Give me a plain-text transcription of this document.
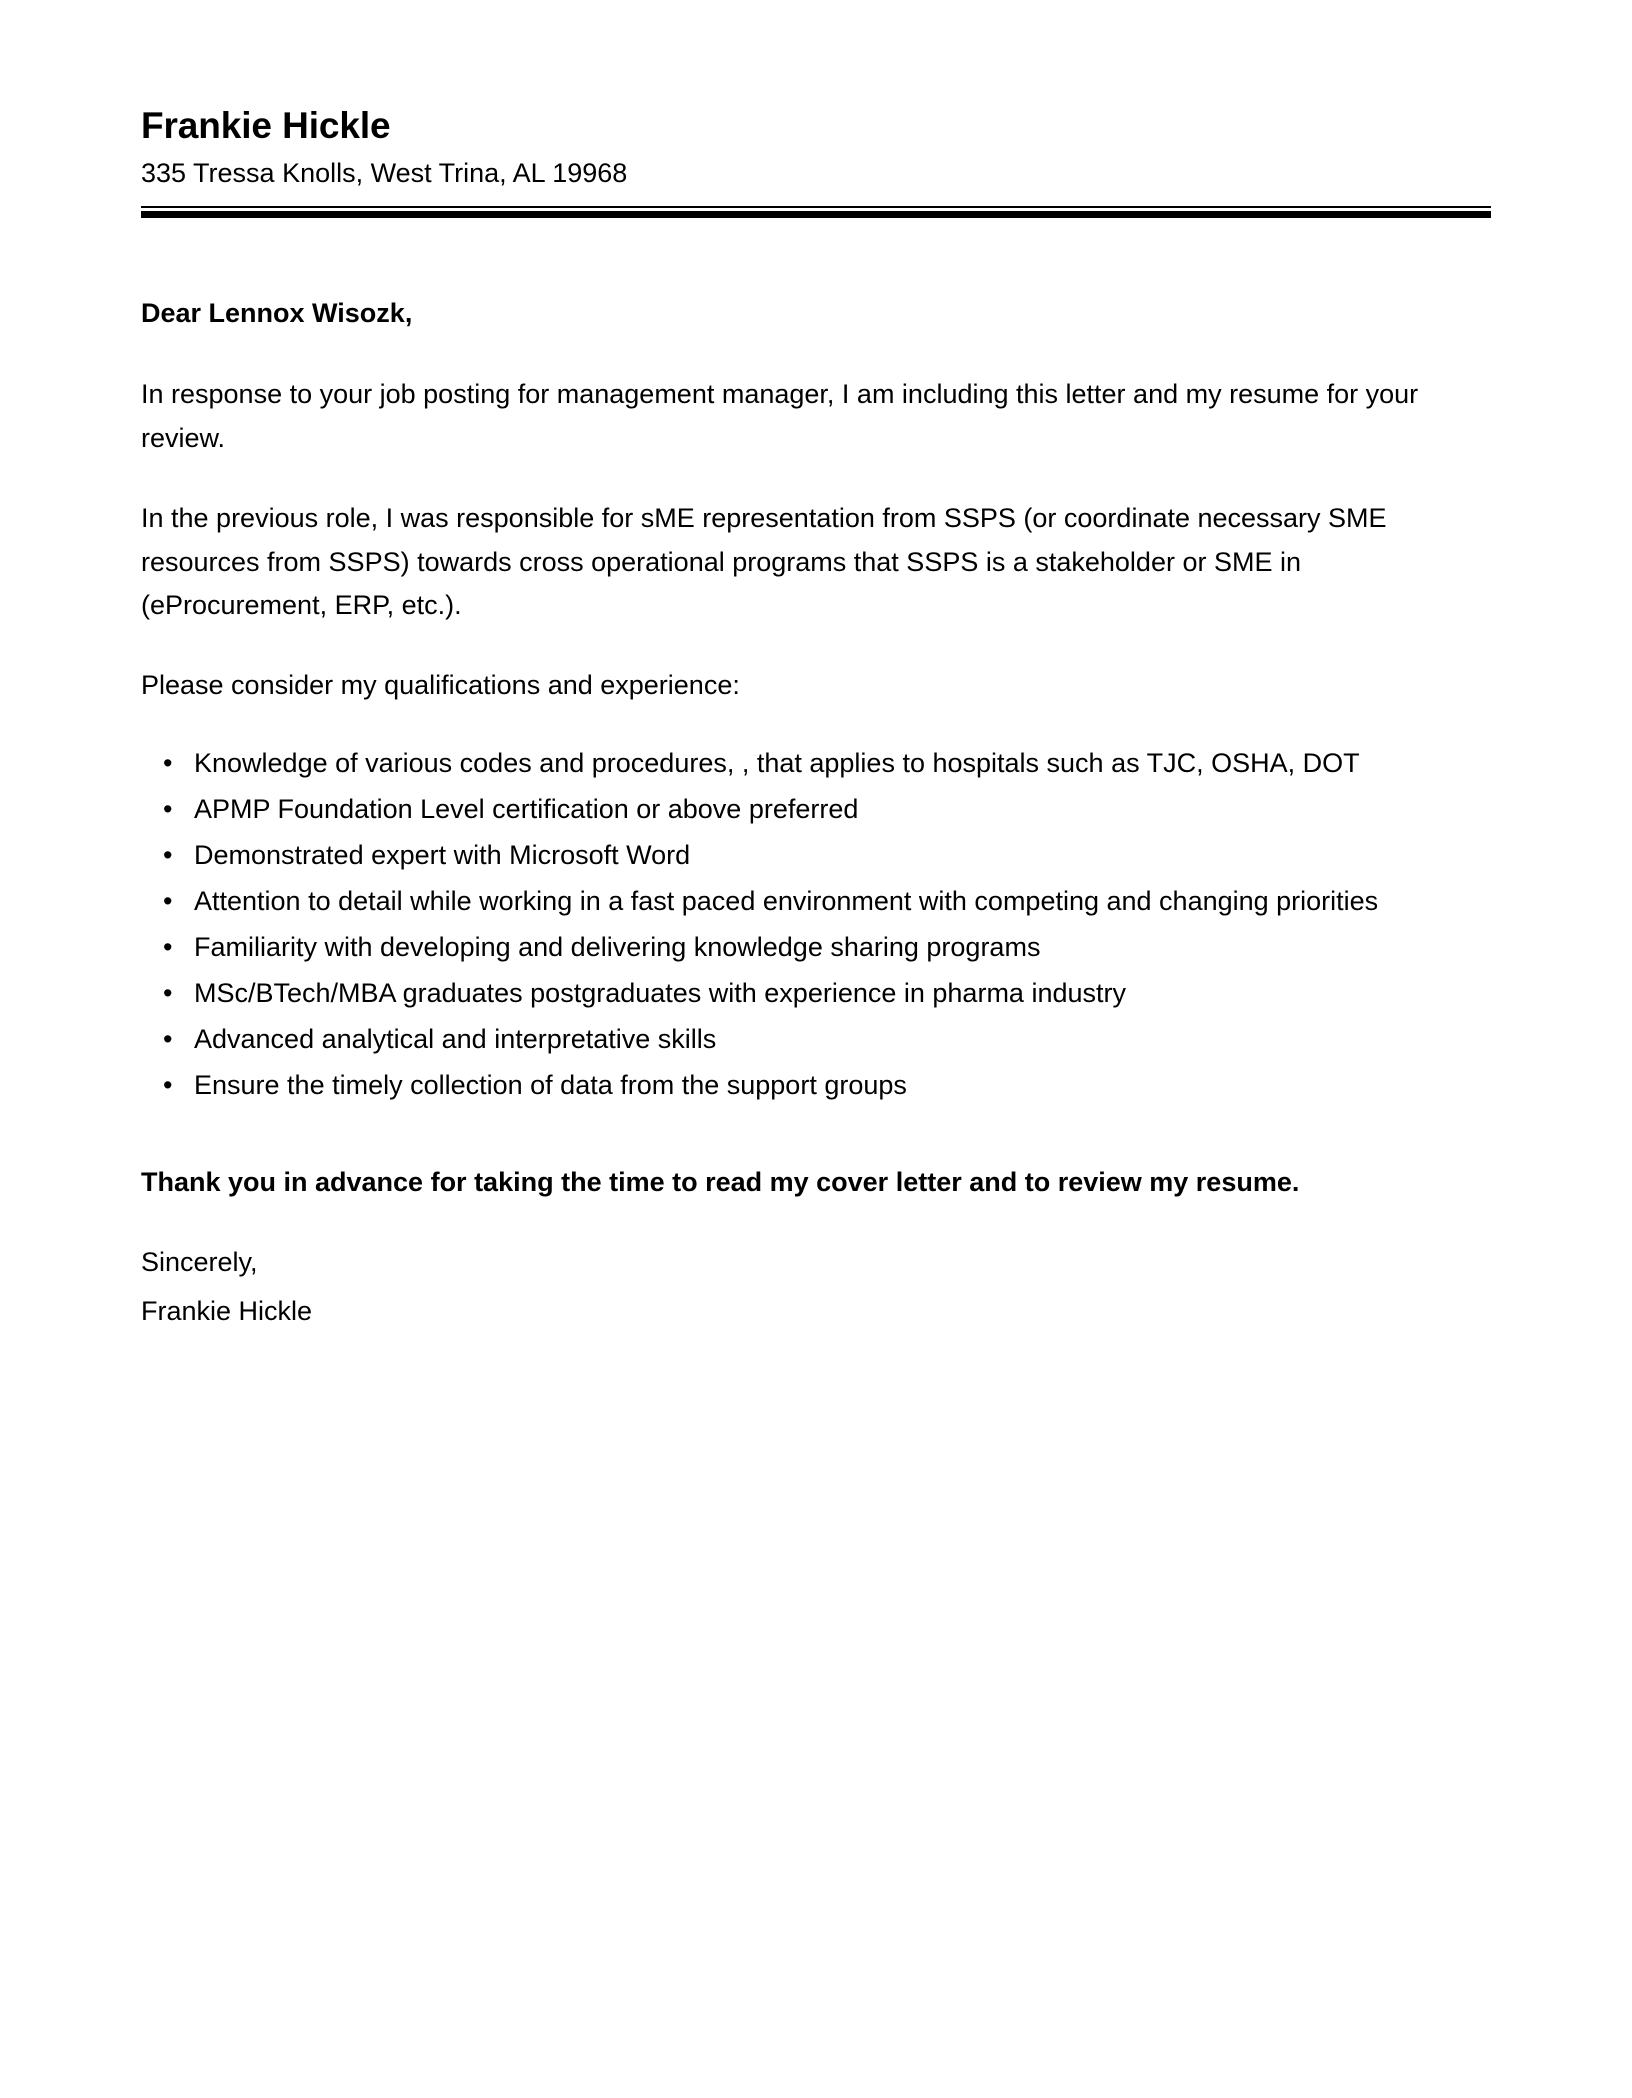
Frankie Hickle
335 Tressa Knolls, West Trina, AL 19968

Dear Lennox Wisozk,

In response to your job posting for management manager, I am including this letter and my resume for your review.

In the previous role, I was responsible for sME representation from SSPS (or coordinate necessary SME resources from SSPS) towards cross operational programs that SSPS is a stakeholder or SME in (eProcurement, ERP, etc.).

Please consider my qualifications and experience:

• Knowledge of various codes and procedures, , that applies to hospitals such as TJC, OSHA, DOT
• APMP Foundation Level certification or above preferred
• Demonstrated expert with Microsoft Word
• Attention to detail while working in a fast paced environment with competing and changing priorities
• Familiarity with developing and delivering knowledge sharing programs
• MSc/BTech/MBA graduates postgraduates with experience in pharma industry
• Advanced analytical and interpretative skills
• Ensure the timely collection of data from the support groups

Thank you in advance for taking the time to read my cover letter and to review my resume.

Sincerely,

Frankie Hickle
